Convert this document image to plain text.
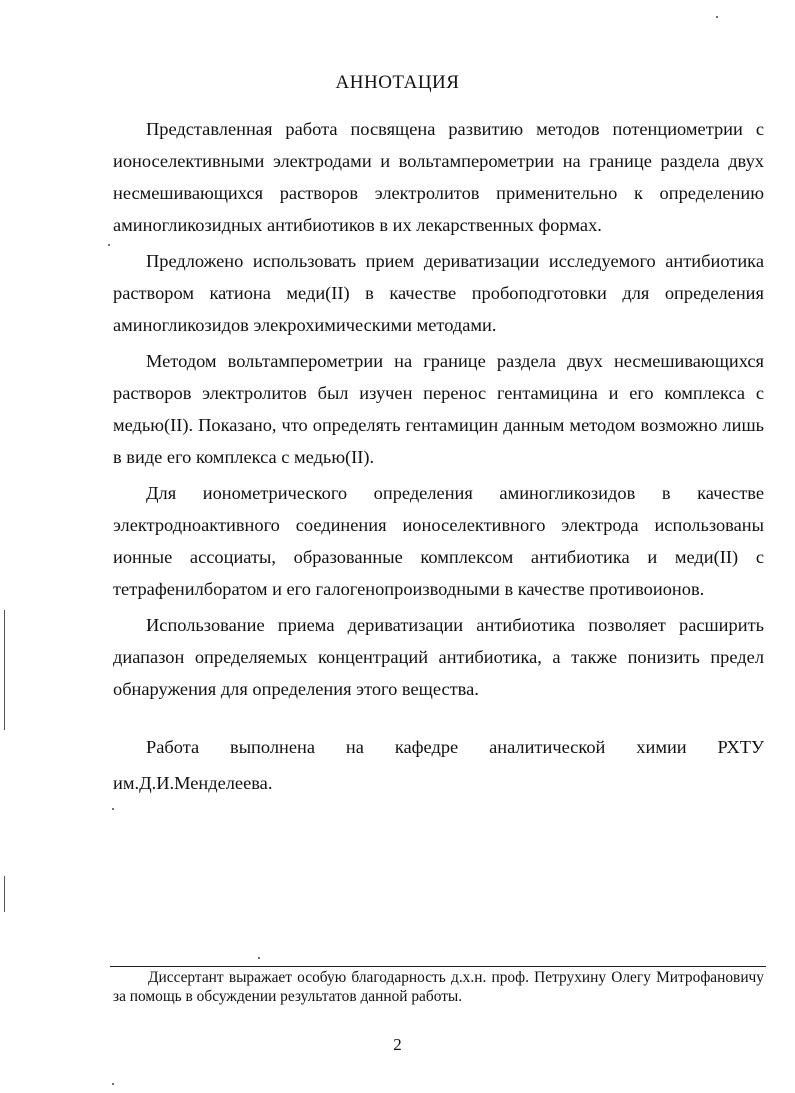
АННОТАЦИЯ

Представленная работа посвящена развитию методов потенциометрии с ионоселективными электродами и вольтамперометрии на границе раздела двух несмешивающихся растворов электролитов применительно к определению аминогликозидных антибиотиков в их лекарственных формах.

Предложено использовать прием дериватизации исследуемого антибиотика раствором катиона меди(II) в качестве пробоподготовки для определения аминогликозидов элекрохимическими методами.

Методом вольтамперометрии на границе раздела двух несмешивающихся растворов электролитов был изучен перенос гентамицина и его комплекса с медью(II). Показано, что определять гентамицин данным методом возможно лишь в виде его комплекса с медью(II).

Для ионометрического определения аминогликозидов в качестве электродноактивного соединения ионоселективного электрода использованы ионные ассоциаты, образованные комплексом антибиотика и меди(II) с тетрафенилборатом и его галогенопроизводными в качестве противоионов.

Использование приема дериватизации антибиотика позволяет расширить диапазон определяемых концентраций антибиотика, а также понизить предел обнаружения для определения этого вещества.

Работа выполнена на кафедре аналитической химии РХТУ

им.Д.И.Менделеева.

Диссертант выражает особую благодарность д.х.н. проф. Петрухину Олегу Митрофановичу за помощь в обсуждении результатов данной работы.
2
